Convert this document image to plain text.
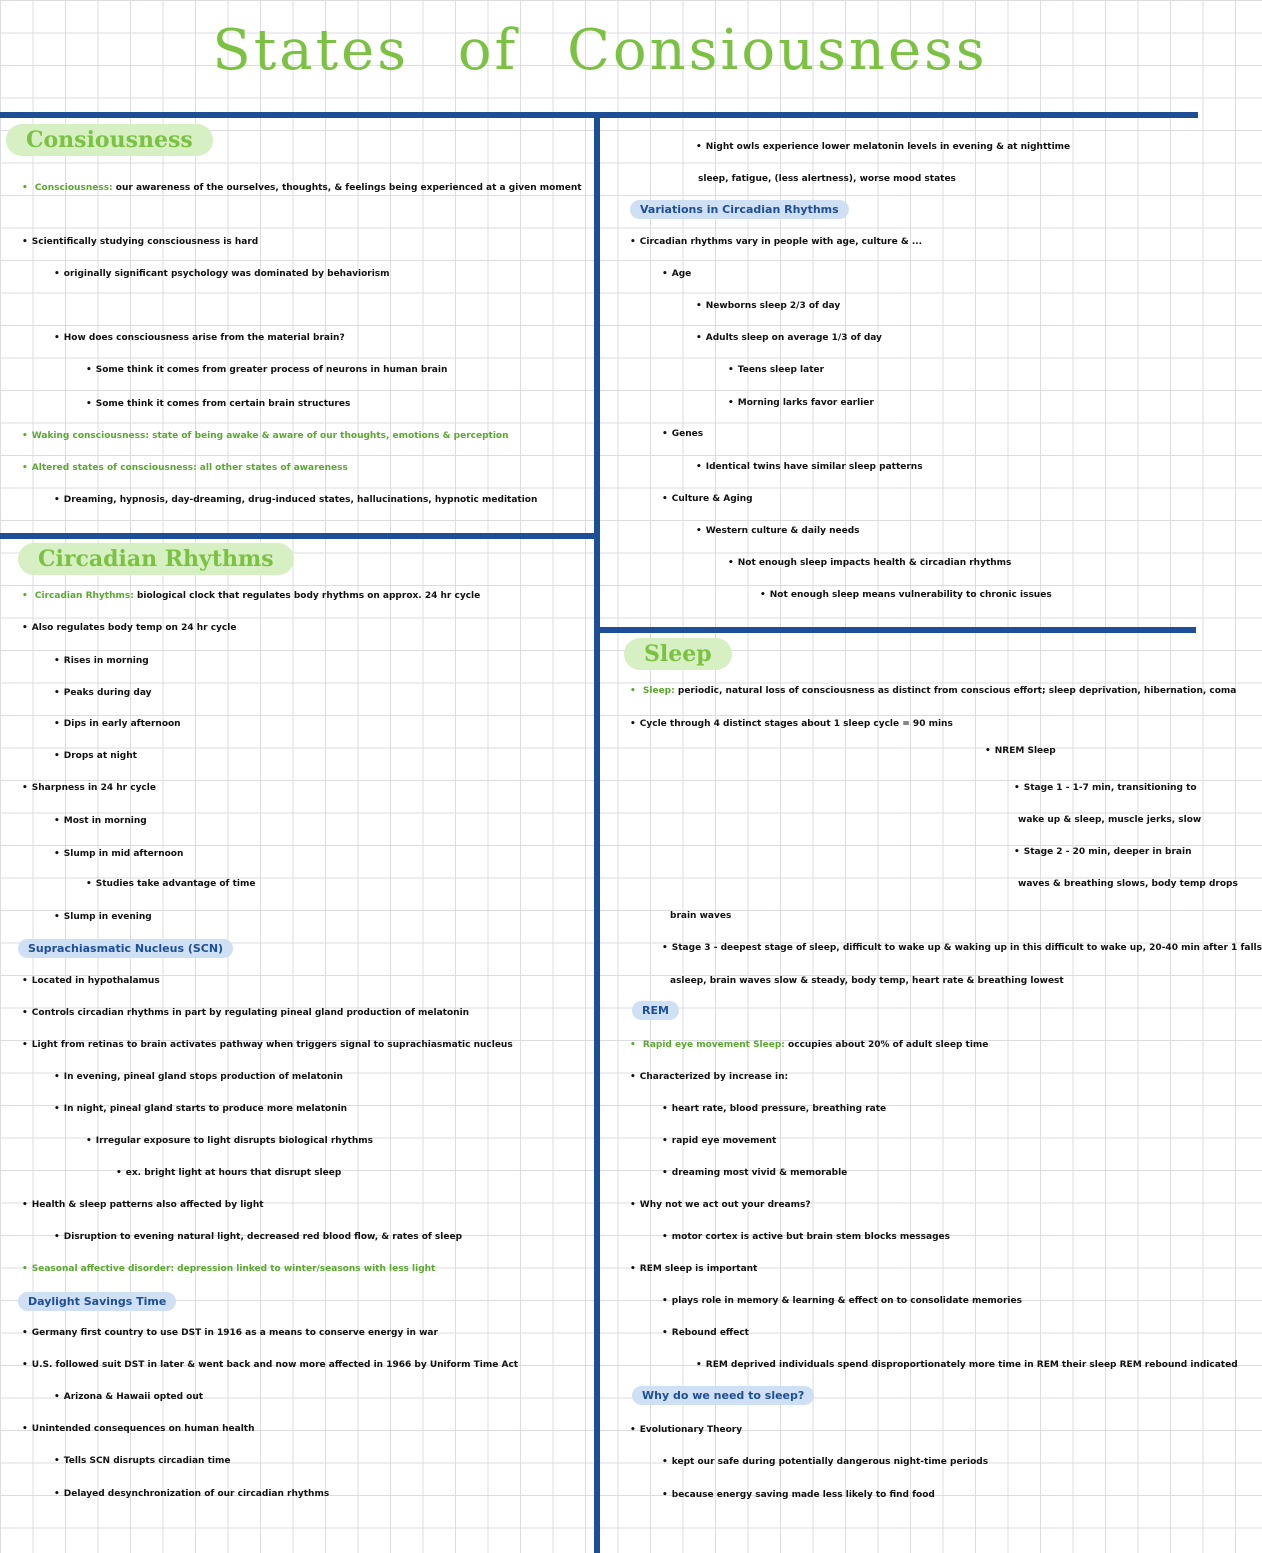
States of Consiousness
Consiousness
• Consciousness: our awareness of the ourselves, thoughts, & feelings being experienced at a given moment
• Scientifically studying consciousness is hard
• originally significant psychology was dominated by behaviorism
• How does consciousness arise from the material brain?
• Some think it comes from greater process of neurons in human brain
• Some think it comes from certain brain structures
• Waking consciousness: state of being awake & aware of our thoughts, emotions & perception
• Altered states of consciousness: all other states of awareness
• Dreaming, hypnosis, day-dreaming, drug-induced states, hallucinations, hypnotic meditation
Circadian Rhythms
• Circadian Rhythms: biological clock that regulates body rhythms on approx. 24 hr cycle
• Also regulates body temp on 24 hr cycle
• Rises in morning
• Peaks during day
• Dips in early afternoon
• Drops at night
• Sharpness in 24 hr cycle
• Most in morning
• Slump in mid afternoon
• Studies take advantage of time
• Slump in evening
Suprachiasmatic Nucleus (SCN)
• Located in hypothalamus
• Controls circadian rhythms in part by regulating pineal gland production of melatonin
• Light from retinas to brain activates pathway when triggers signal to suprachiasmatic nucleus
• In evening, pineal gland stops production of melatonin
• In night, pineal gland starts to produce more melatonin
• Irregular exposure to light disrupts biological rhythms
• ex. bright light at hours that disrupt sleep
• Health & sleep patterns also affected by light
• Disruption to evening natural light, decreased red blood flow, & rates of sleep
• Seasonal affective disorder: depression linked to winter/seasons with less light
Daylight Savings Time
• Germany first country to use DST in 1916 as a means to conserve energy in war
• U.S. followed suit DST in later & went back and now more affected in 1966 by Uniform Time Act
• Arizona & Hawaii opted out
• Unintended consequences on human health
• Tells SCN disrupts circadian time
• Delayed desynchronization of our circadian rhythms
• Night owls experience lower melatonin levels in evening & at nighttime
sleep, fatigue, (less alertness), worse mood states
Variations in Circadian Rhythms
• Circadian rhythms vary in people with age, culture & ...
• Age
• Newborns sleep 2/3 of day
• Adults sleep on average 1/3 of day
• Teens sleep later
• Morning larks favor earlier
• Genes
• Identical twins have similar sleep patterns
• Culture & Aging
• Western culture & daily needs
• Not enough sleep impacts health & circadian rhythms
• Not enough sleep means vulnerability to chronic issues
Sleep
• Sleep: periodic, natural loss of consciousness as distinct from conscious effort; sleep deprivation, hibernation, coma
• Cycle through 4 distinct stages about 1 sleep cycle = 90 mins
• NREM Sleep
• Stage 1 - 1-7 min, transitioning to
wake up & sleep, muscle jerks, slow
• Stage 2 - 20 min, deeper in brain
waves & breathing slows, body temp drops
brain waves
• Stage 3 - deepest stage of sleep, difficult to wake up & waking up in this difficult to wake up, 20-40 min after 1 falls
asleep, brain waves slow & steady, body temp, heart rate & breathing lowest
REM
• Rapid eye movement Sleep: occupies about 20% of adult sleep time
• Characterized by increase in:
• heart rate, blood pressure, breathing rate
• rapid eye movement
• dreaming most vivid & memorable
• Why not we act out your dreams?
• motor cortex is active but brain stem blocks messages
• REM sleep is important
• plays role in memory & learning & effect on to consolidate memories
• Rebound effect
• REM deprived individuals spend disproportionately more time in REM their sleep REM rebound indicated
Why do we need to sleep?
• Evolutionary Theory
• kept our safe during potentially dangerous night-time periods
• because energy saving made less likely to find food
